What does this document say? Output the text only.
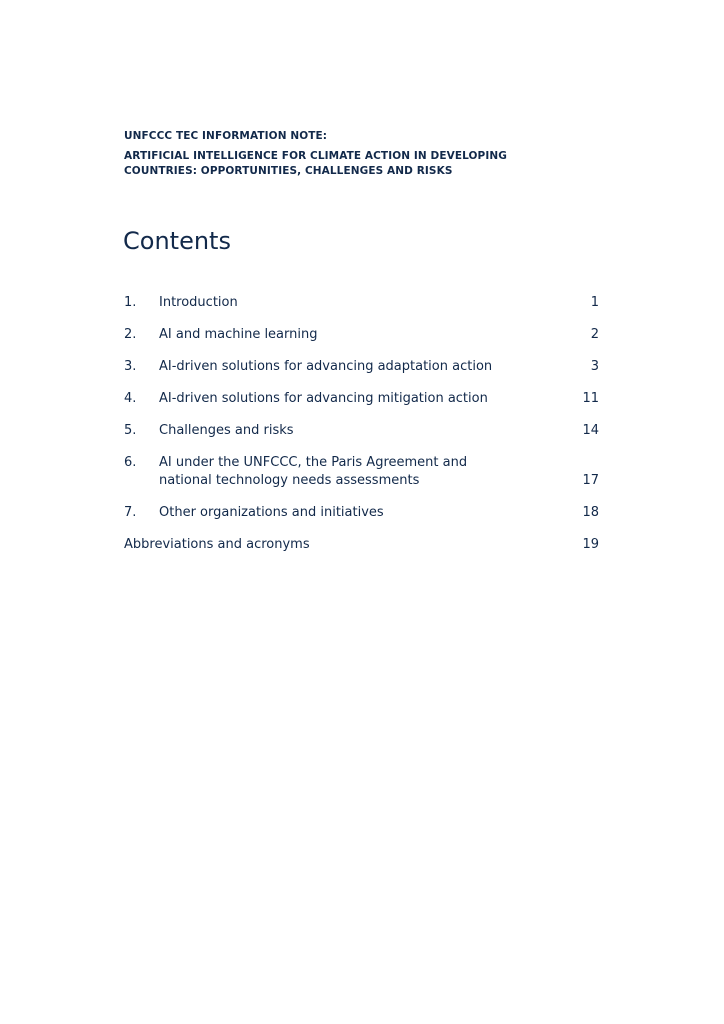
UNFCCC TEC INFORMATION NOTE:

ARTIFICIAL INTELLIGENCE FOR CLIMATE ACTION IN DEVELOPING COUNTRIES: OPPORTUNITIES, CHALLENGES AND RISKS

Contents
1.	Introduction	1
2.	AI and machine learning	2
3.	AI-driven solutions for advancing adaptation action	3
4.	AI-driven solutions for advancing mitigation action	11
5.	Challenges and risks	14
6.	AI under the UNFCCC, the Paris Agreement and national technology needs assessments	17
7.	Other organizations and initiatives	18
Abbreviations and acronyms	19
